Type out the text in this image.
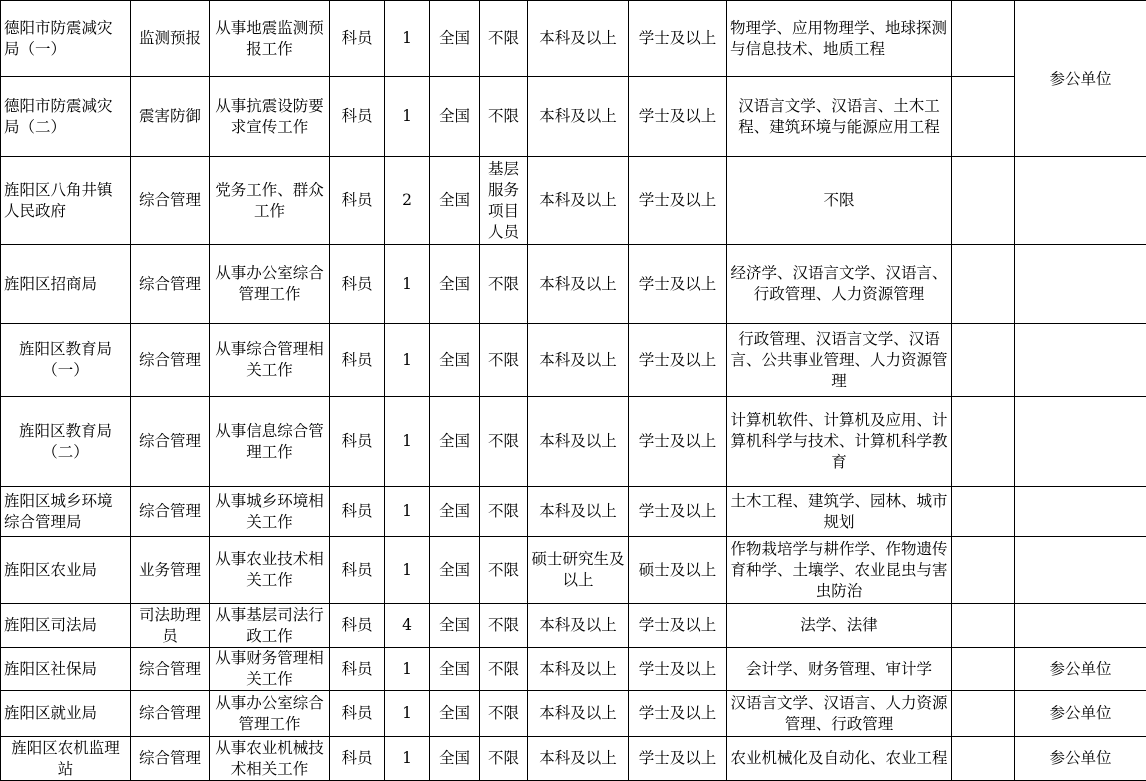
德阳市防震减灾局（一）	监测预报	从事地震监测预报工作	科员	1	全国	不限	本科及以上	学士及以上	物理学、应用物理学、地球探测与信息技术、地质工程		参公单位
德阳市防震减灾局（二）	震害防御	从事抗震设防要求宣传工作	科员	1	全国	不限	本科及以上	学士及以上	汉语言文学、汉语言、土木工程、建筑环境与能源应用工程		
旌阳区八角井镇人民政府	综合管理	党务工作、群众工作	科员	2	全国	基层服务项目人员	本科及以上	学士及以上	不限		
旌阳区招商局	综合管理	从事办公室综合管理工作	科员	1	全国	不限	本科及以上	学士及以上	经济学、汉语言文学、汉语言、行政管理、人力资源管理		
旌阳区教育局（一）	综合管理	从事综合管理相关工作	科员	1	全国	不限	本科及以上	学士及以上	行政管理、汉语言文学、汉语言、公共事业管理、人力资源管理		
旌阳区教育局（二）	综合管理	从事信息综合管理工作	科员	1	全国	不限	本科及以上	学士及以上	计算机软件、计算机及应用、计算机科学与技术、计算机科学教育		
旌阳区城乡环境综合管理局	综合管理	从事城乡环境相关工作	科员	1	全国	不限	本科及以上	学士及以上	土木工程、建筑学、园林、城市规划		
旌阳区农业局	业务管理	从事农业技术相关工作	科员	1	全国	不限	硕士研究生及以上	硕士及以上	作物栽培学与耕作学、作物遗传育种学、土壤学、农业昆虫与害虫防治		
旌阳区司法局	司法助理员	从事基层司法行政工作	科员	4	全国	不限	本科及以上	学士及以上	法学、法律		
旌阳区社保局	综合管理	从事财务管理相关工作	科员	1	全国	不限	本科及以上	学士及以上	会计学、财务管理、审计学		参公单位
旌阳区就业局	综合管理	从事办公室综合管理工作	科员	1	全国	不限	本科及以上	学士及以上	汉语言文学、汉语言、人力资源管理、行政管理		参公单位
旌阳区农机监理站	综合管理	从事农业机械技术相关工作	科员	1	全国	不限	本科及以上	学士及以上	农业机械化及自动化、农业工程		参公单位
